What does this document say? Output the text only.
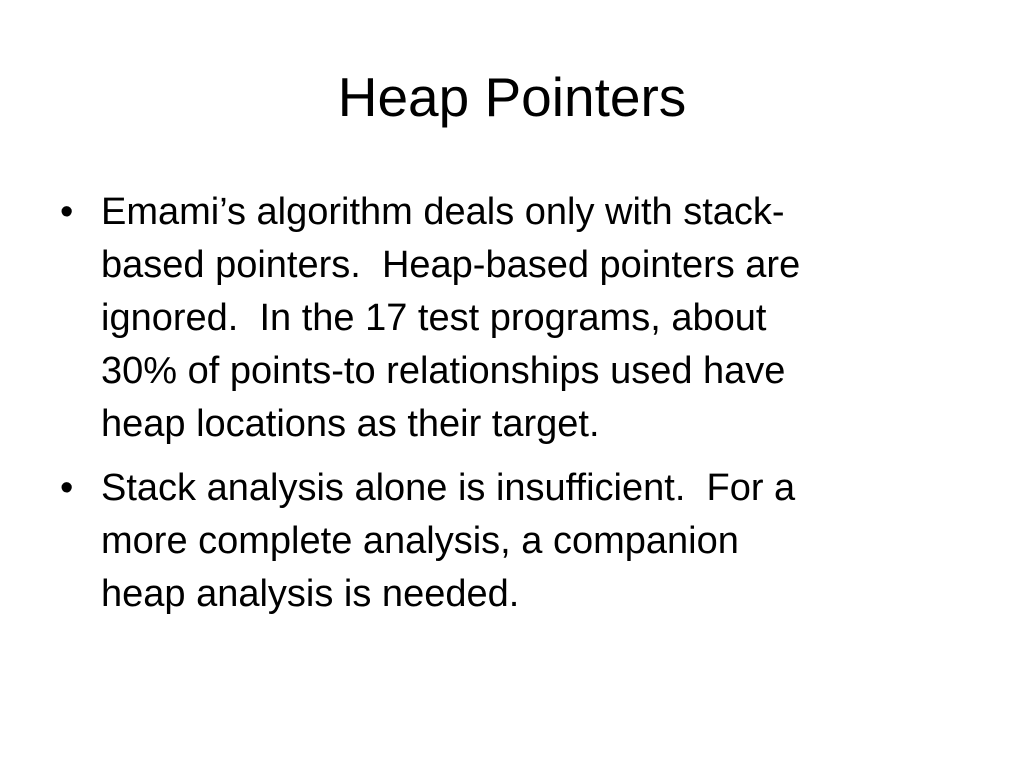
Heap Pointers
• Emami’s algorithm deals only with stack-
based pointers.  Heap-based pointers are
ignored.  In the 17 test programs, about
30% of points-to relationships used have
heap locations as their target.
• Stack analysis alone is insufficient.  For a
more complete analysis, a companion
heap analysis is needed.
